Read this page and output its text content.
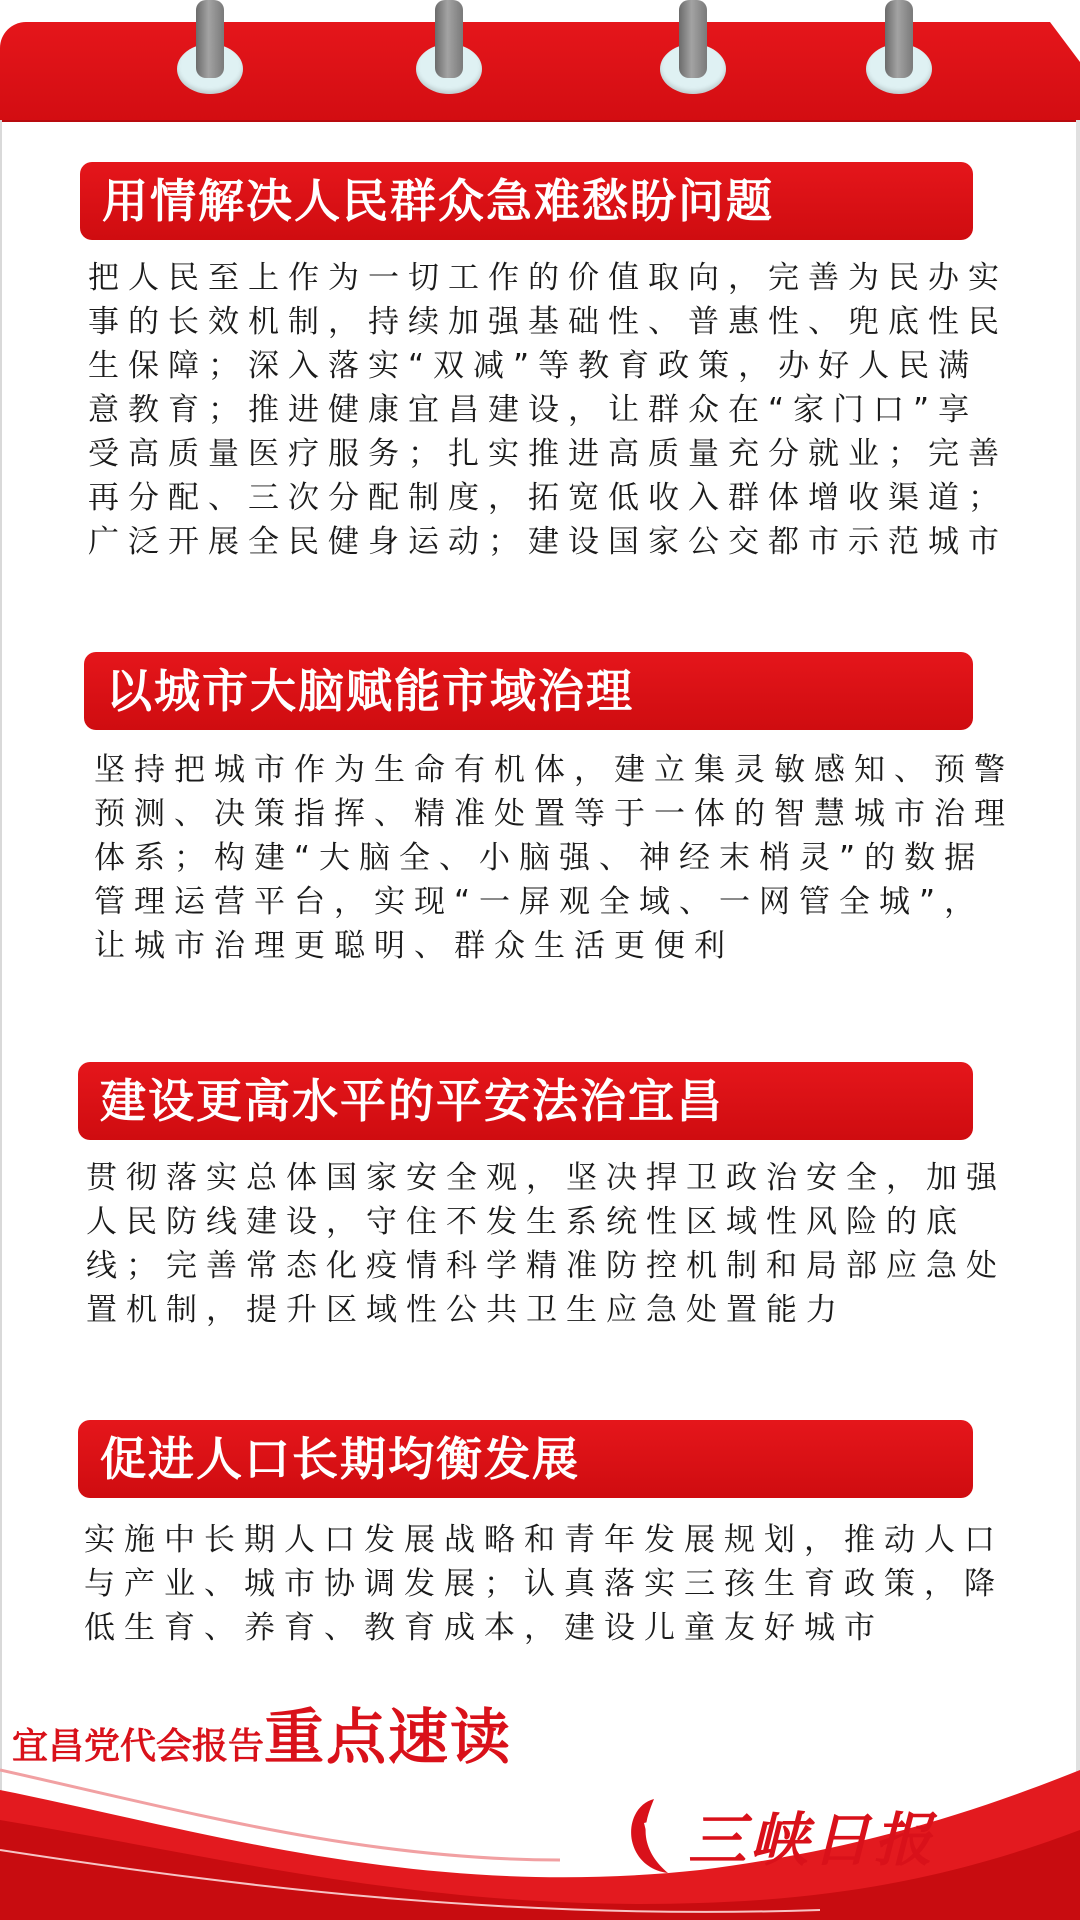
用情解决人民群众急难愁盼问题
把人民至上作为一切工作的价值取向，完善为民办实事的长效机制，持续加强基础性、普惠性、兜底性民生保障；深入落实“双减”等教育政策，办好人民满意教育；推进健康宜昌建设，让群众在“家门口”享受高质量医疗服务；扎实推进高质量充分就业；完善再分配、三次分配制度，拓宽低收入群体增收渠道；广泛开展全民健身运动；建设国家公交都市示范城市
以城市大脑赋能市域治理
坚持把城市作为生命有机体，建立集灵敏感知、预警预测、决策指挥、精准处置等于一体的智慧城市治理体系；构建“大脑全、小脑强、神经末梢灵”的数据管理运营平台，实现“一屏观全域、一网管全城”，让城市治理更聪明、群众生活更便利
建设更高水平的平安法治宜昌
贯彻落实总体国家安全观，坚决捍卫政治安全，加强人民防线建设，守住不发生系统性区域性风险的底线；完善常态化疫情科学精准防控机制和局部应急处置机制，提升区域性公共卫生应急处置能力
促进人口长期均衡发展
实施中长期人口发展战略和青年发展规划，推动人口与产业、城市协调发展；认真落实三孩生育政策，降低生育、养育、教育成本，建设儿童友好城市
宜昌党代会报告重点速读
三峡日报
